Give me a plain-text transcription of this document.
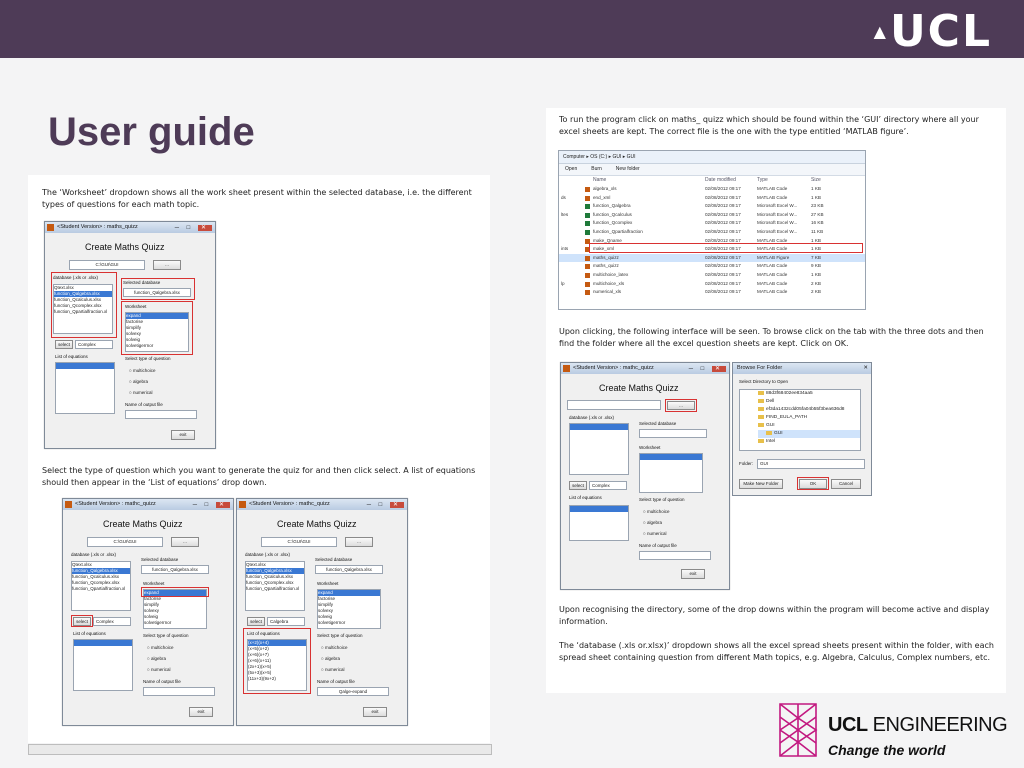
▲UCL
User guide
The ‘Worksheet’ dropdown shows all the work sheet present within the selected database, i.e. the different types of questions for each math topic.
<Student Version> : maths_quizz	─ □ ✕
Create Maths Quizz
C:\GUI\GUI	...
database (.xls or .xlsx)
Qtext.xlsx
function_Qalgebra.xlsx
function_Qcalculus.xlsx
function_Qcomplex.xlsx
function_Qpartialfraction.xl
Selected database
function_Qalgebra.xlsx
Worksheet
expand
factorise
simplify
solvexy
solveig
solvetigerrnor
select	Complex
List of equations
	Select type of question
○ multichoice
○ algebra
○ numerical
Name of output file
exit
Select the type of question which you want to generate the quiz for and then click select. A list of equations should then appear in the ‘List of equations’ drop down.
<Student Version> : mathc_quizz	─ □ ✕
Create Maths Quizz
C:\GUI\GUI	...
database (.xls or .xlsx)
Qtext.xlsx
function_Qalgebra.xlsx
function_Qcalculus.xlsx
function_Qcomplex.xlsx
function_Qpartialfraction.xl
Selected database
function_Qalgebra.xlsx
Worksheet
expand
factorise
simplify
solvexy
solveig
solvetigerrnor
select	Complex
List of equations
	Select type of question
○ multichoice
○ algebra
○ numerical
Name of output file
exit
<Student Version> : mathc_quizz	─ □ ✕
Create Maths Quizz
C:\GUI\GUI	...
database (.xls or .xlsx)
Qtext.xlsx
function_Qalgebra.xlsx
function_Qcalculus.xlsx
function_Qcomplex.xlsx
function_Qpartialfraction.xl
Selected database
function_Qalgebra.xlsx
Worksheet
expand
factorise
simplify
solvexy
solveig
solvetigerrnor
select	Calgebra
List of equations
(x+2)(x+4)
(x+5)(x+2)
(x+6)(x+7)
(x+6)(x+11)
(2x+1)(x+5)
(5x+3)(x+5)
(11x+3)(9x+2)
Select type of question
○ multichoice
○ algebra
○ numerical
Name of output file
Qalge-expand
exit
To run the program click on maths_ quizz which should be found within the ‘GUI’ directory where all your excel sheets are kept. The correct file is the one with the type entitled ‘MATLAB figure’.
Computer ▸ OS (C:) ▸ GUI ▸ GUI
Open	Burn	New folder
Name	Date modified	Type	Size
algebra_xls	02/08/2012 09:17	MATLAB Code	1 KB
ds	end_xml	02/08/2012 09:17	MATLAB Code	1 KB
function_Qalgebra	02/08/2012 09:17	Microsoft Excel W...	23 KB
ltes	function_Qcalculus	02/08/2012 09:17	Microsoft Excel W...	27 KB
function_Qcomplex	02/08/2012 09:17	Microsoft Excel W...	16 KB
function_Qpartialfraction	02/08/2012 09:17	Microsoft Excel W...	11 KB
make_Qname	02/08/2012 09:17	MATLAB Code	1 KB
ints	make_xml	02/08/2012 09:17	MATLAB Code	1 KB
maths_quizz	02/08/2012 09:17	MATLAB Figure	7 KB
maths_quizz	02/08/2012 09:17	MATLAB Code	9 KB
multichoice_latex	02/08/2012 09:17	MATLAB Code	1 KB
lp	multichoice_xls	02/08/2012 09:17	MATLAB Code	2 KB
numerical_xls	02/08/2012 09:17	MATLAB Code	2 KB
Upon clicking, the following interface will be seen. To browse click on the tab with the three dots and then find the folder where all the excel question sheets are kept. Click on OK.
<Student Version> : mathc_quizz	─ □ ✕
Create Maths Quizz
...
database (.xls or .xlsx)

Selected database
Worksheet

select	Complex
List of equations
	Select type of question
○ multichoice
○ algebra
○ numerical
Name of output file
exit
Browse For Folder	✕
Select Directory to Open
88d3f68402ee834aa5
Dell
ef3da1432cdd05fa04b55f3bea636d8
FIND_EULA_PATH
GUI
GUI
Intel
Folder:	GUI
Make New Folder	OK	Cancel
Upon recognising the directory, some of the drop downs within the program will become active and display information.
The ‘database (.xls or.xlsx)’ dropdown shows all the excel spread sheets present within the folder, with each spread sheet containing question from different Math topics, e.g. Algebra, Calculus, Complex numbers, etc.
UCL ENGINEERING
Change the world
